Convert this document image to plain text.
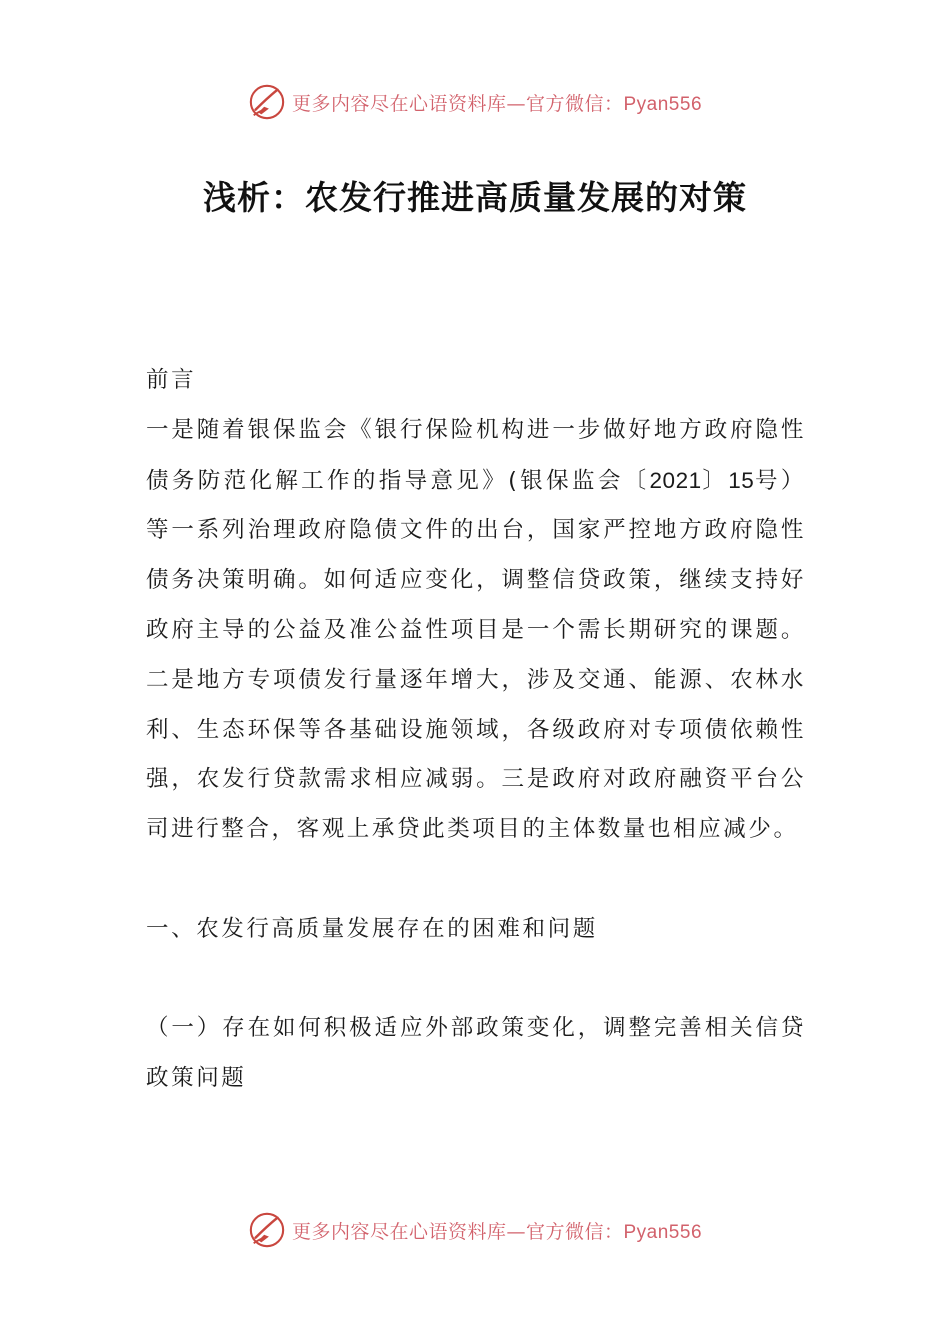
更多内容尽在心语资料库—官方微信：Pyan556
浅析：农发行推进高质量发展的对策

前言

一是随着银保监会《银行保险机构进一步做好地方政府隐性债务防范化解工作的指导意见》(银保监会〔2021〕15号）等一系列治理政府隐债文件的出台，国家严控地方政府隐性债务决策明确。如何适应变化，调整信贷政策，继续支持好政府主导的公益及准公益性项目是一个需长期研究的课题。二是地方专项债发行量逐年增大，涉及交通、能源、农林水利、生态环保等各基础设施领域，各级政府对专项债依赖性强，农发行贷款需求相应减弱。三是政府对政府融资平台公司进行整合，客观上承贷此类项目的主体数量也相应减少。

一、农发行高质量发展存在的困难和问题

（一）存在如何积极适应外部政策变化，调整完善相关信贷政策问题

更多内容尽在心语资料库—官方微信：Pyan556
